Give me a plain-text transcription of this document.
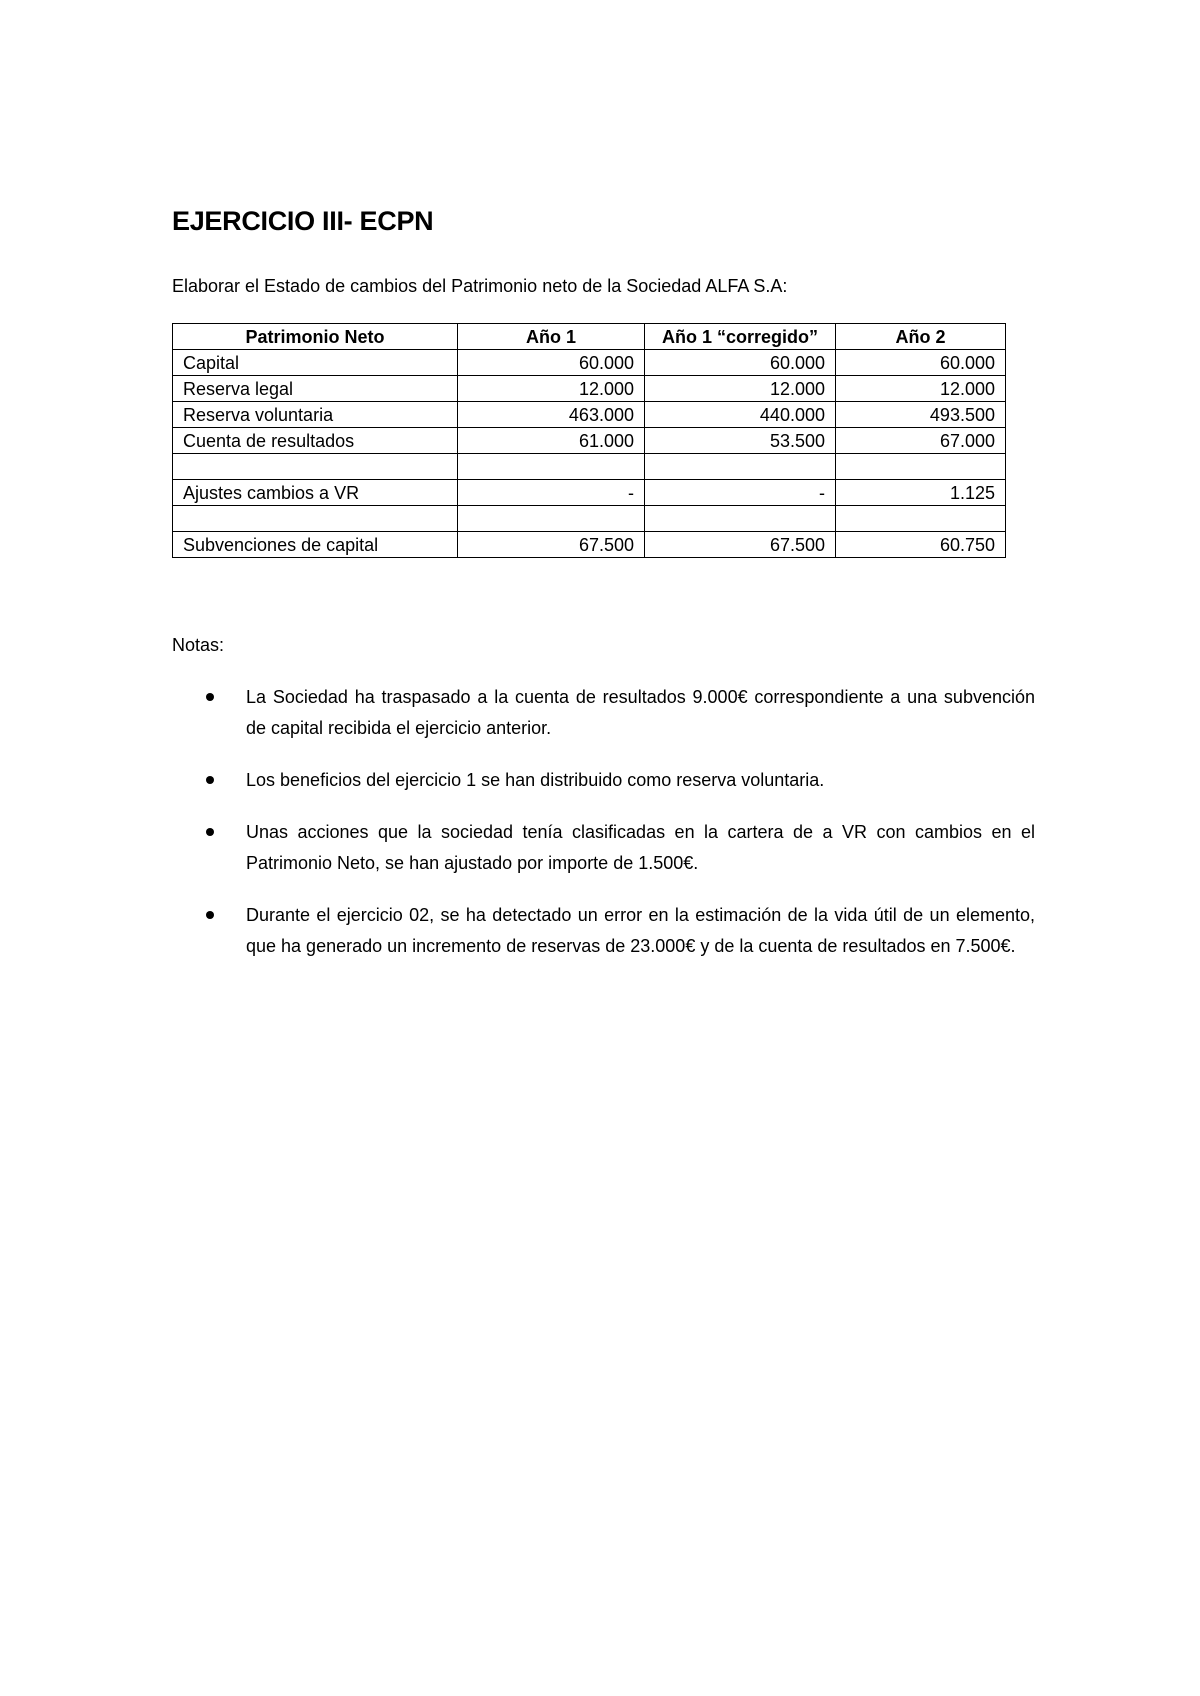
EJERCICIO III- ECPN

Elaborar el Estado de cambios del Patrimonio neto de la Sociedad ALFA S.A:

Patrimonio Neto	Año 1	Año 1 “corregido”	Año 2
Capital	60.000	60.000	60.000
Reserva legal	12.000	12.000	12.000
Reserva voluntaria	463.000	440.000	493.500
Cuenta de resultados	61.000	53.500	67.000

Ajustes cambios a VR	-	-	1.125

Subvenciones de capital	67.500	67.500	60.750

Notas:

La Sociedad ha traspasado a la cuenta de resultados 9.000€ correspondiente a una subvención de capital recibida el ejercicio anterior.
Los beneficios del ejercicio 1 se han distribuido como reserva voluntaria.
Unas acciones que la sociedad tenía clasificadas en la cartera de a VR con cambios en el Patrimonio Neto, se han ajustado por importe de 1.500€.
Durante el ejercicio 02, se ha detectado un error en la estimación de la vida útil de un elemento, que ha generado un incremento de reservas de 23.000€ y de la cuenta de resultados en 7.500€.
